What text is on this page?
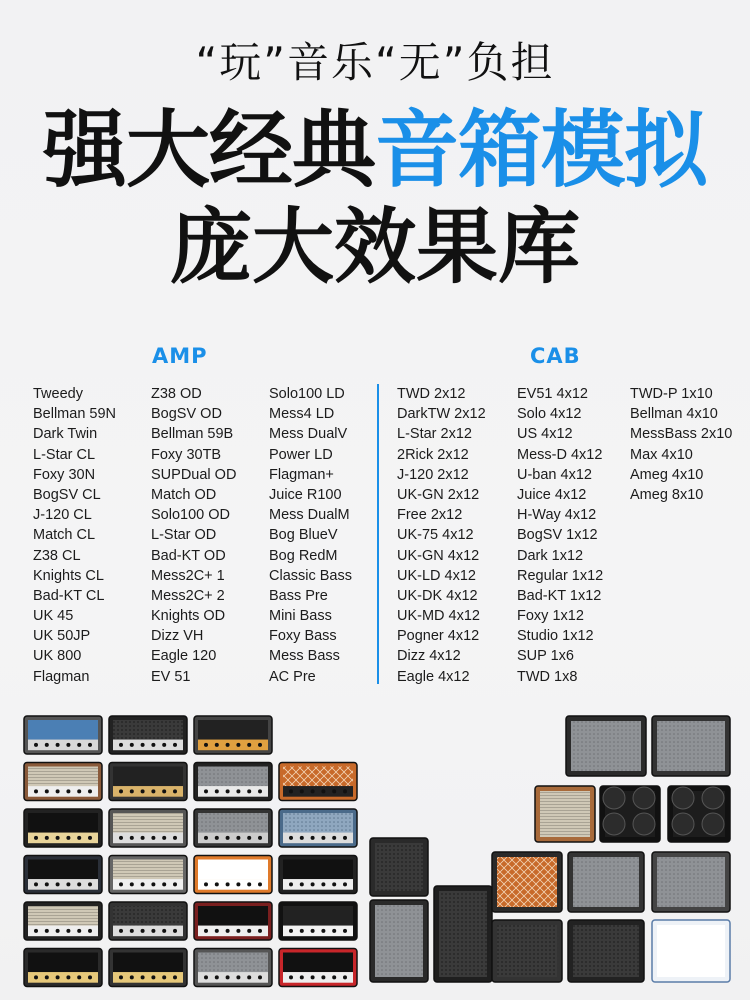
“玩”音乐“无”负担
强大经典音箱模拟
庞大效果库
AMP	CAB
Tweedy
Bellman 59N
Dark Twin
L-Star CL
Foxy 30N
BogSV CL
J-120 CL
Match CL
Z38 CL
Knights CL
Bad-KT CL
UK 45
UK 50JP
UK 800
Flagman
Z38 OD
BogSV OD
Bellman 59B
Foxy 30TB
SUPDual OD
Match OD
Solo100 OD
L-Star OD
Bad-KT OD
Mess2C+ 1
Mess2C+ 2
Knights OD
Dizz VH
Eagle 120
EV 51
Solo100 LD
Mess4 LD
Mess DualV
Power LD
Flagman+
Juice R100
Mess DualM
Bog BlueV
Bog RedM
Classic Bass
Bass Pre
Mini Bass
Foxy Bass
Mess Bass
AC Pre
TWD 2x12
DarkTW 2x12
L-Star 2x12
2Rick 2x12
J-120 2x12
UK-GN 2x12
Free 2x12
UK-75 4x12
UK-GN 4x12
UK-LD 4x12
UK-DK 4x12
UK-MD 4x12
Pogner 4x12
Dizz 4x12
Eagle 4x12
EV51 4x12
Solo 4x12
US 4x12
Mess-D 4x12
U-ban 4x12
Juice 4x12
H-Way 4x12
BogSV 1x12
Dark 1x12
Regular 1x12
Bad-KT 1x12
Foxy 1x12
Studio 1x12
SUP 1x6
TWD 1x8
TWD-P 1x10
Bellman 4x10
MessBass 2x10
Max 4x10
Ameg 4x10
Ameg 8x10
